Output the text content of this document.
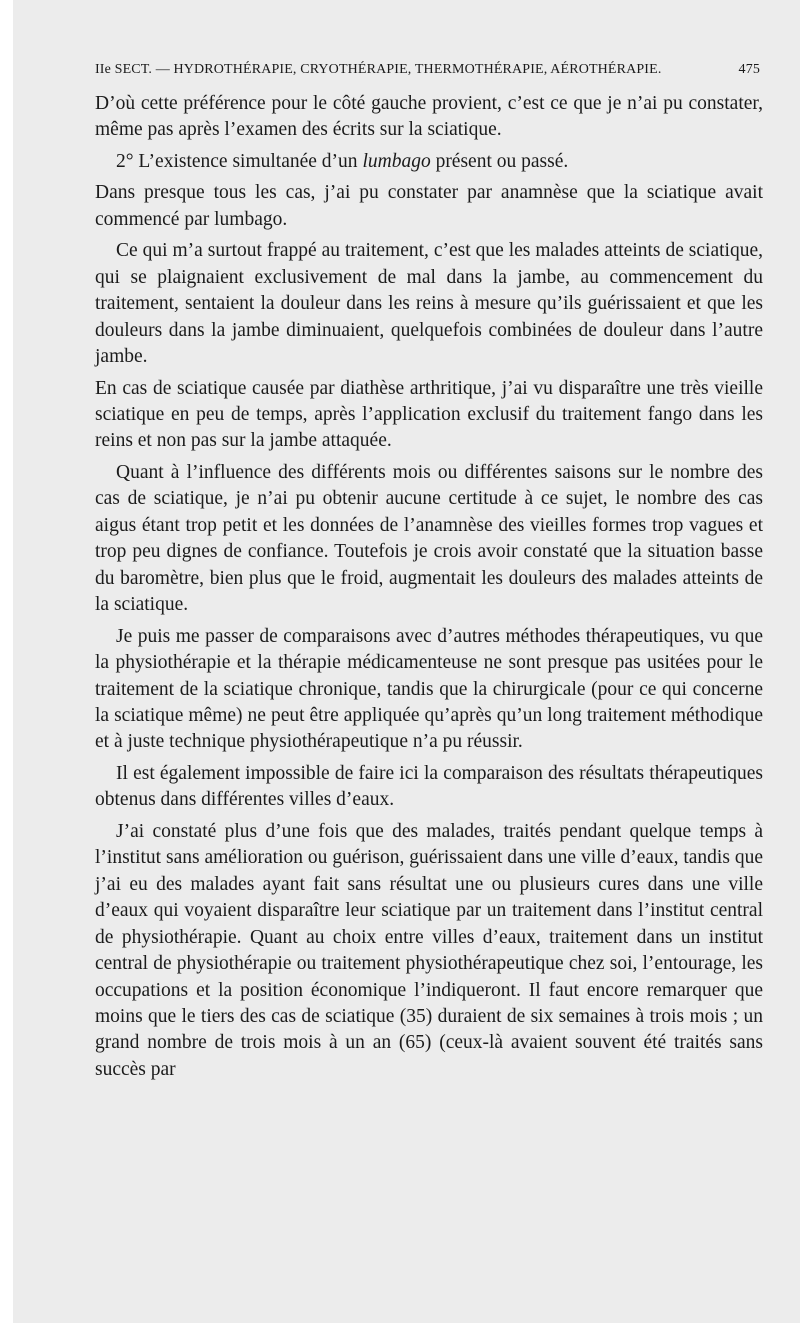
IIe SECT. — HYDROTHÉRAPIE, CRYOTHÉRAPIE, THERMOTHÉRAPIE, AÉROTHÉRAPIE.	475

D’où cette préférence pour le côté gauche provient, c’est ce que je n’ai pu constater, même pas après l’examen des écrits sur la sciatique.

2° L’existence simultanée d’un lumbago présent ou passé.

Dans presque tous les cas, j’ai pu constater par anamnèse que la sciatique avait commencé par lumbago.

Ce qui m’a surtout frappé au traitement, c’est que les malades atteints de sciatique, qui se plaignaient exclusivement de mal dans la jambe, au commencement du traitement, sentaient la douleur dans les reins à mesure qu’ils guérissaient et que les douleurs dans la jambe diminuaient, quelquefois combinées de douleur dans l’autre jambe.

En cas de sciatique causée par diathèse arthritique, j’ai vu disparaître une très vieille sciatique en peu de temps, après l’application exclusif du traitement fango dans les reins et non pas sur la jambe attaquée.

Quant à l’influence des différents mois ou différentes saisons sur le nombre des cas de sciatique, je n’ai pu obtenir aucune certitude à ce sujet, le nombre des cas aigus étant trop petit et les données de l’anamnèse des vieilles formes trop vagues et trop peu dignes de confiance. Toutefois je crois avoir constaté que la situation basse du baromètre, bien plus que le froid, augmentait les douleurs des malades atteints de la sciatique.

Je puis me passer de comparaisons avec d’autres méthodes thérapeutiques, vu que la physiothérapie et la thérapie médicamenteuse ne sont presque pas usitées pour le traitement de la sciatique chronique, tandis que la chirurgicale (pour ce qui concerne la sciatique même) ne peut être appliquée qu’après qu’un long traitement méthodique et à juste technique physiothérapeutique n’a pu réussir.

Il est également impossible de faire ici la comparaison des résultats thérapeutiques obtenus dans différentes villes d’eaux.

J’ai constaté plus d’une fois que des malades, traités pendant quelque temps à l’institut sans amélioration ou guérison, guérissaient dans une ville d’eaux, tandis que j’ai eu des malades ayant fait sans résultat une ou plusieurs cures dans une ville d’eaux qui voyaient disparaître leur sciatique par un traitement dans l’institut central de physiothérapie. Quant au choix entre villes d’eaux, traitement dans un institut central de physiothérapie ou traitement physiothérapeutique chez soi, l’entourage, les occupations et la position économique l’indiqueront. Il faut encore remarquer que moins que le tiers des cas de sciatique (35) duraient de six semaines à trois mois ; un grand nombre de trois mois à un an (65) (ceux-là avaient souvent été traités sans succès par
